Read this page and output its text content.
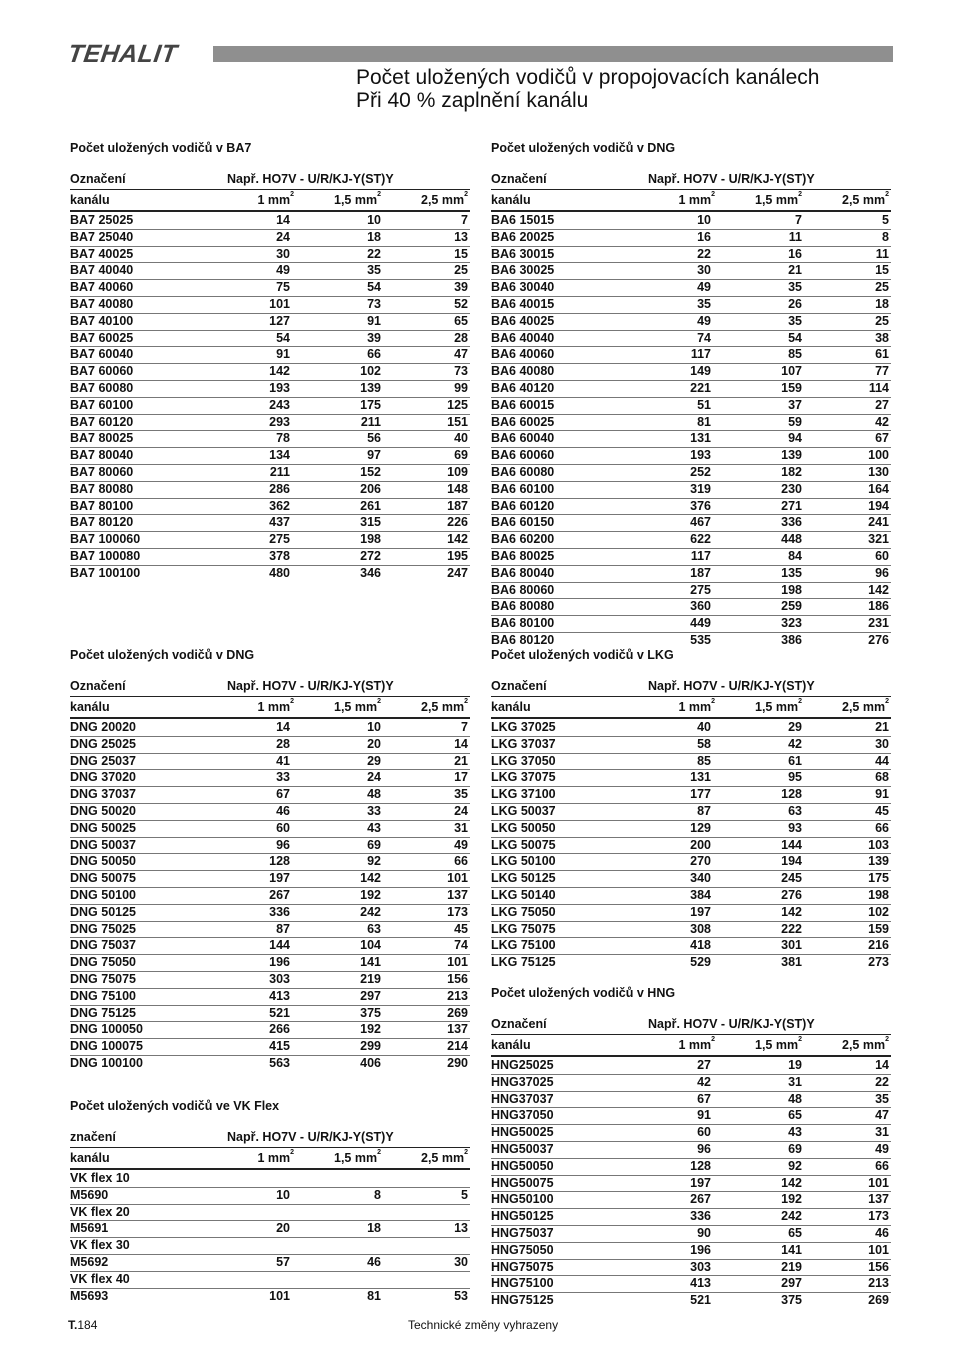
TEHALIT
Počet uložených vodičů v propojovacích kanálech
Při 40 % zaplnění kanálu
Počet uložených vodičů v BA7
Označení	Např. HO7V - U/R/KJ-Y(ST)Y
kanálu	1 $mm^2$	1,5 $mm^2$	2,5 $mm^2$
BA7 25025	14	10	7
BA7 25040	24	18	13
BA7 40025	30	22	15
BA7 40040	49	35	25
BA7 40060	75	54	39
BA7 40080	101	73	52
BA7 40100	127	91	65
BA7 60025	54	39	28
BA7 60040	91	66	47
BA7 60060	142	102	73
BA7 60080	193	139	99
BA7 60100	243	175	125
BA7 60120	293	211	151
BA7 80025	78	56	40
BA7 80040	134	97	69
BA7 80060	211	152	109
BA7 80080	286	206	148
BA7 80100	362	261	187
BA7 80120	437	315	226
BA7 100060	275	198	142
BA7 100080	378	272	195
BA7 100100	480	346	247
Počet uložených vodičů v DNG
Označení	Např. HO7V - U/R/KJ-Y(ST)Y
kanálu	1 $mm^2$	1,5 $mm^2$	2,5 $mm^2$
BA6 15015	10	7	5
BA6 20025	16	11	8
BA6 30015	22	16	11
BA6 30025	30	21	15
BA6 30040	49	35	25
BA6 40015	35	26	18
BA6 40025	49	35	25
BA6 40040	74	54	38
BA6 40060	117	85	61
BA6 40080	149	107	77
BA6 40120	221	159	114
BA6 60015	51	37	27
BA6 60025	81	59	42
BA6 60040	131	94	67
BA6 60060	193	139	100
BA6 60080	252	182	130
BA6 60100	319	230	164
BA6 60120	376	271	194
BA6 60150	467	336	241
BA6 60200	622	448	321
BA6 80025	117	84	60
BA6 80040	187	135	96
BA6 80060	275	198	142
BA6 80080	360	259	186
BA6 80100	449	323	231
BA6 80120	535	386	276
Počet uložených vodičů v DNG
Označení	Např. HO7V - U/R/KJ-Y(ST)Y
kanálu	1 $mm^2$	1,5 $mm^2$	2,5 $mm^2$
DNG 20020	14	10	7
DNG 25025	28	20	14
DNG 25037	41	29	21
DNG 37020	33	24	17
DNG 37037	67	48	35
DNG 50020	46	33	24
DNG 50025	60	43	31
DNG 50037	96	69	49
DNG 50050	128	92	66
DNG 50075	197	142	101
DNG 50100	267	192	137
DNG 50125	336	242	173
DNG 75025	87	63	45
DNG 75037	144	104	74
DNG 75050	196	141	101
DNG 75075	303	219	156
DNG 75100	413	297	213
DNG 75125	521	375	269
DNG 100050	266	192	137
DNG 100075	415	299	214
DNG 100100	563	406	290
Počet uložených vodičů v LKG
Označení	Např. HO7V - U/R/KJ-Y(ST)Y
kanálu	1 $mm^2$	1,5 $mm^2$	2,5 $mm^2$
LKG 37025	40	29	21
LKG 37037	58	42	30
LKG 37050	85	61	44
LKG 37075	131	95	68
LKG 37100	177	128	91
LKG 50037	87	63	45
LKG 50050	129	93	66
LKG 50075	200	144	103
LKG 50100	270	194	139
LKG 50125	340	245	175
LKG 50140	384	276	198
LKG 75050	197	142	102
LKG 75075	308	222	159
LKG 75100	418	301	216
LKG 75125	529	381	273
Počet uložených vodičů v HNG
Označení	Např. HO7V - U/R/KJ-Y(ST)Y
kanálu	1 $mm^2$	1,5 $mm^2$	2,5 $mm^2$
HNG25025	27	19	14
HNG37025	42	31	22
HNG37037	67	48	35
HNG37050	91	65	47
HNG50025	60	43	31
HNG50037	96	69	49
HNG50050	128	92	66
HNG50075	197	142	101
HNG50100	267	192	137
HNG50125	336	242	173
HNG75037	90	65	46
HNG75050	196	141	101
HNG75075	303	219	156
HNG75100	413	297	213
HNG75125	521	375	269
Počet uložených vodičů ve VK Flex
značení	Např. HO7V - U/R/KJ-Y(ST)Y
kanálu	1 $mm^2$	1,5 $mm^2$	2,5 $mm^2$
VK flex 10
M5690	10	8	5
VK flex 20
M5691	20	18	13
VK flex 30
M5692	57	46	30
VK flex 40
M5693	101	81	53
T.184	Technické změny vyhrazeny
